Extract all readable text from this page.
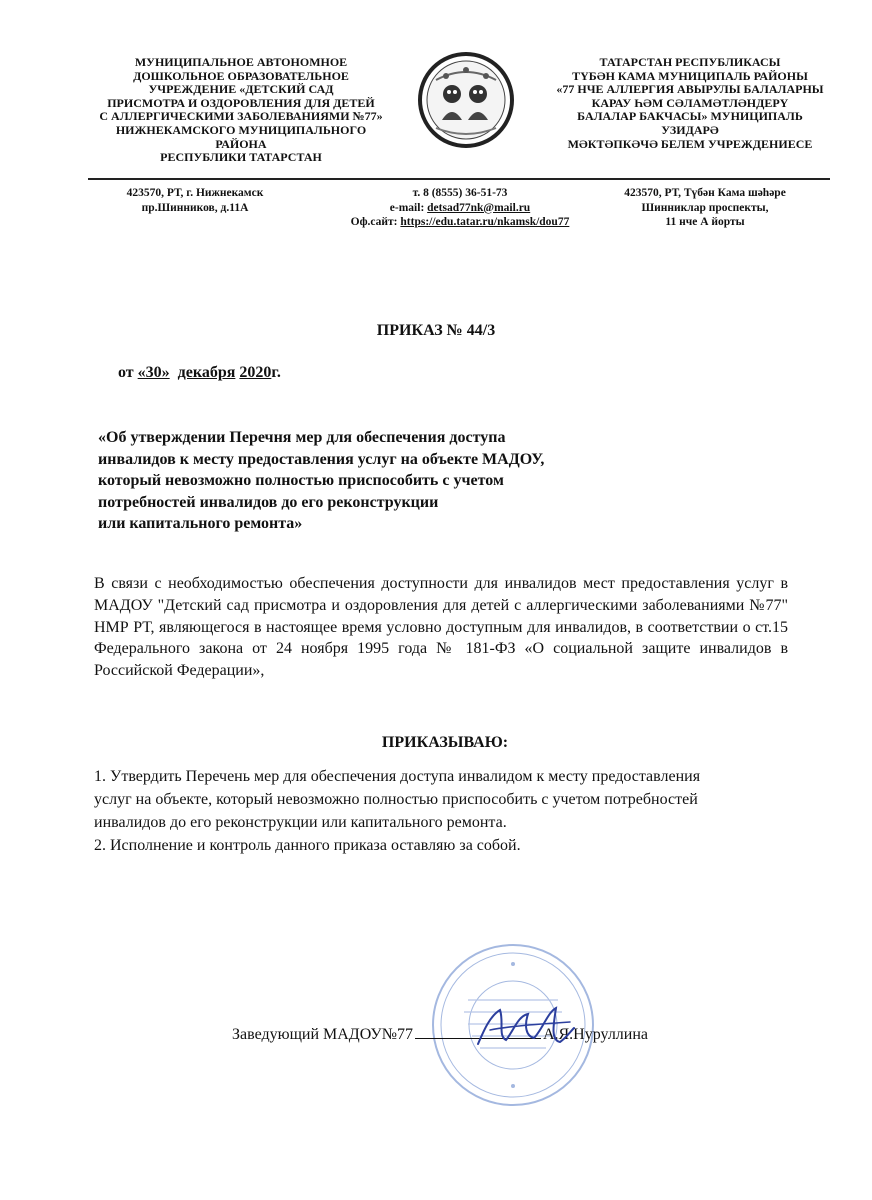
МУНИЦИПАЛЬНОЕ АВТОНОМНОЕ
ДОШКОЛЬНОЕ ОБРАЗОВАТЕЛЬНОЕ
УЧРЕЖДЕНИЕ «ДЕТСКИЙ САД
ПРИСМОТРА И ОЗДОРОВЛЕНИЯ ДЛЯ ДЕТЕЙ
С АЛЛЕРГИЧЕСКИМИ ЗАБОЛЕВАНИЯМИ №77»
НИЖНЕКАМСКОГО МУНИЦИПАЛЬНОГО
РАЙОНА
РЕСПУБЛИКИ ТАТАРСТАН
ТАТАРСТАН РЕСПУБЛИКАСЫ
ТҮБӘН КАМА МУНИЦИПАЛЬ РАЙОНЫ
«77 НЧЕ АЛЛЕРГИЯ АВЫРУЛЫ БАЛАЛАРНЫ
КАРАУ ҺӘМ СӘЛАМӘТЛӘНДЕРҮ
БАЛАЛАР БАКЧАСЫ» МУНИЦИПАЛЬ
УЗИДАРӘ
МӘКТӘПКӘЧӘ БЕЛЕМ УЧРЕЖДЕНИЕСЕ
423570, РТ, г. Нижнекамск
пр.Шинников, д.11А
т. 8 (8555) 36-51-73
e-mail: detsad77nk@mail.ru
Оф.сайт: https://edu.tatar.ru/nkamsk/dou77
423570, РТ, Түбән Кама шәһәре
Шинниклар проспекты,
11 нче А йорты
ПРИКАЗ № 44/3
от «30» декабря 2020г.
«Об утверждении Перечня мер для обеспечения доступа
инвалидов к месту предоставления услуг на объекте МАДОУ,
который невозможно полностью приспособить с учетом
потребностей инвалидов до его реконструкции
или капитального ремонта»
В связи с необходимостью обеспечения доступности для инвалидов мест предоставления услуг в МАДОУ "Детский сад присмотра и оздоровления для детей с аллергическими заболеваниями №77" НМР РТ, являющегося в настоящее время условно доступным для инвалидов, в соответствии о ст.15 Федерального закона от 24 ноября 1995 года № 181-ФЗ «О социальной защите инвалидов в Российской Федерации»,
ПРИКАЗЫВАЮ:
1. Утвердить Перечень мер для обеспечения доступа инвалидом к месту предоставления
услуг на объекте, который невозможно полностью приспособить с учетом потребностей
инвалидов до его реконструкции или капитального ремонта.
2. Исполнение и контроль данного приказа оставляю за собой.
Заведующий МАДОУ№77	А.Я.Нуруллина
